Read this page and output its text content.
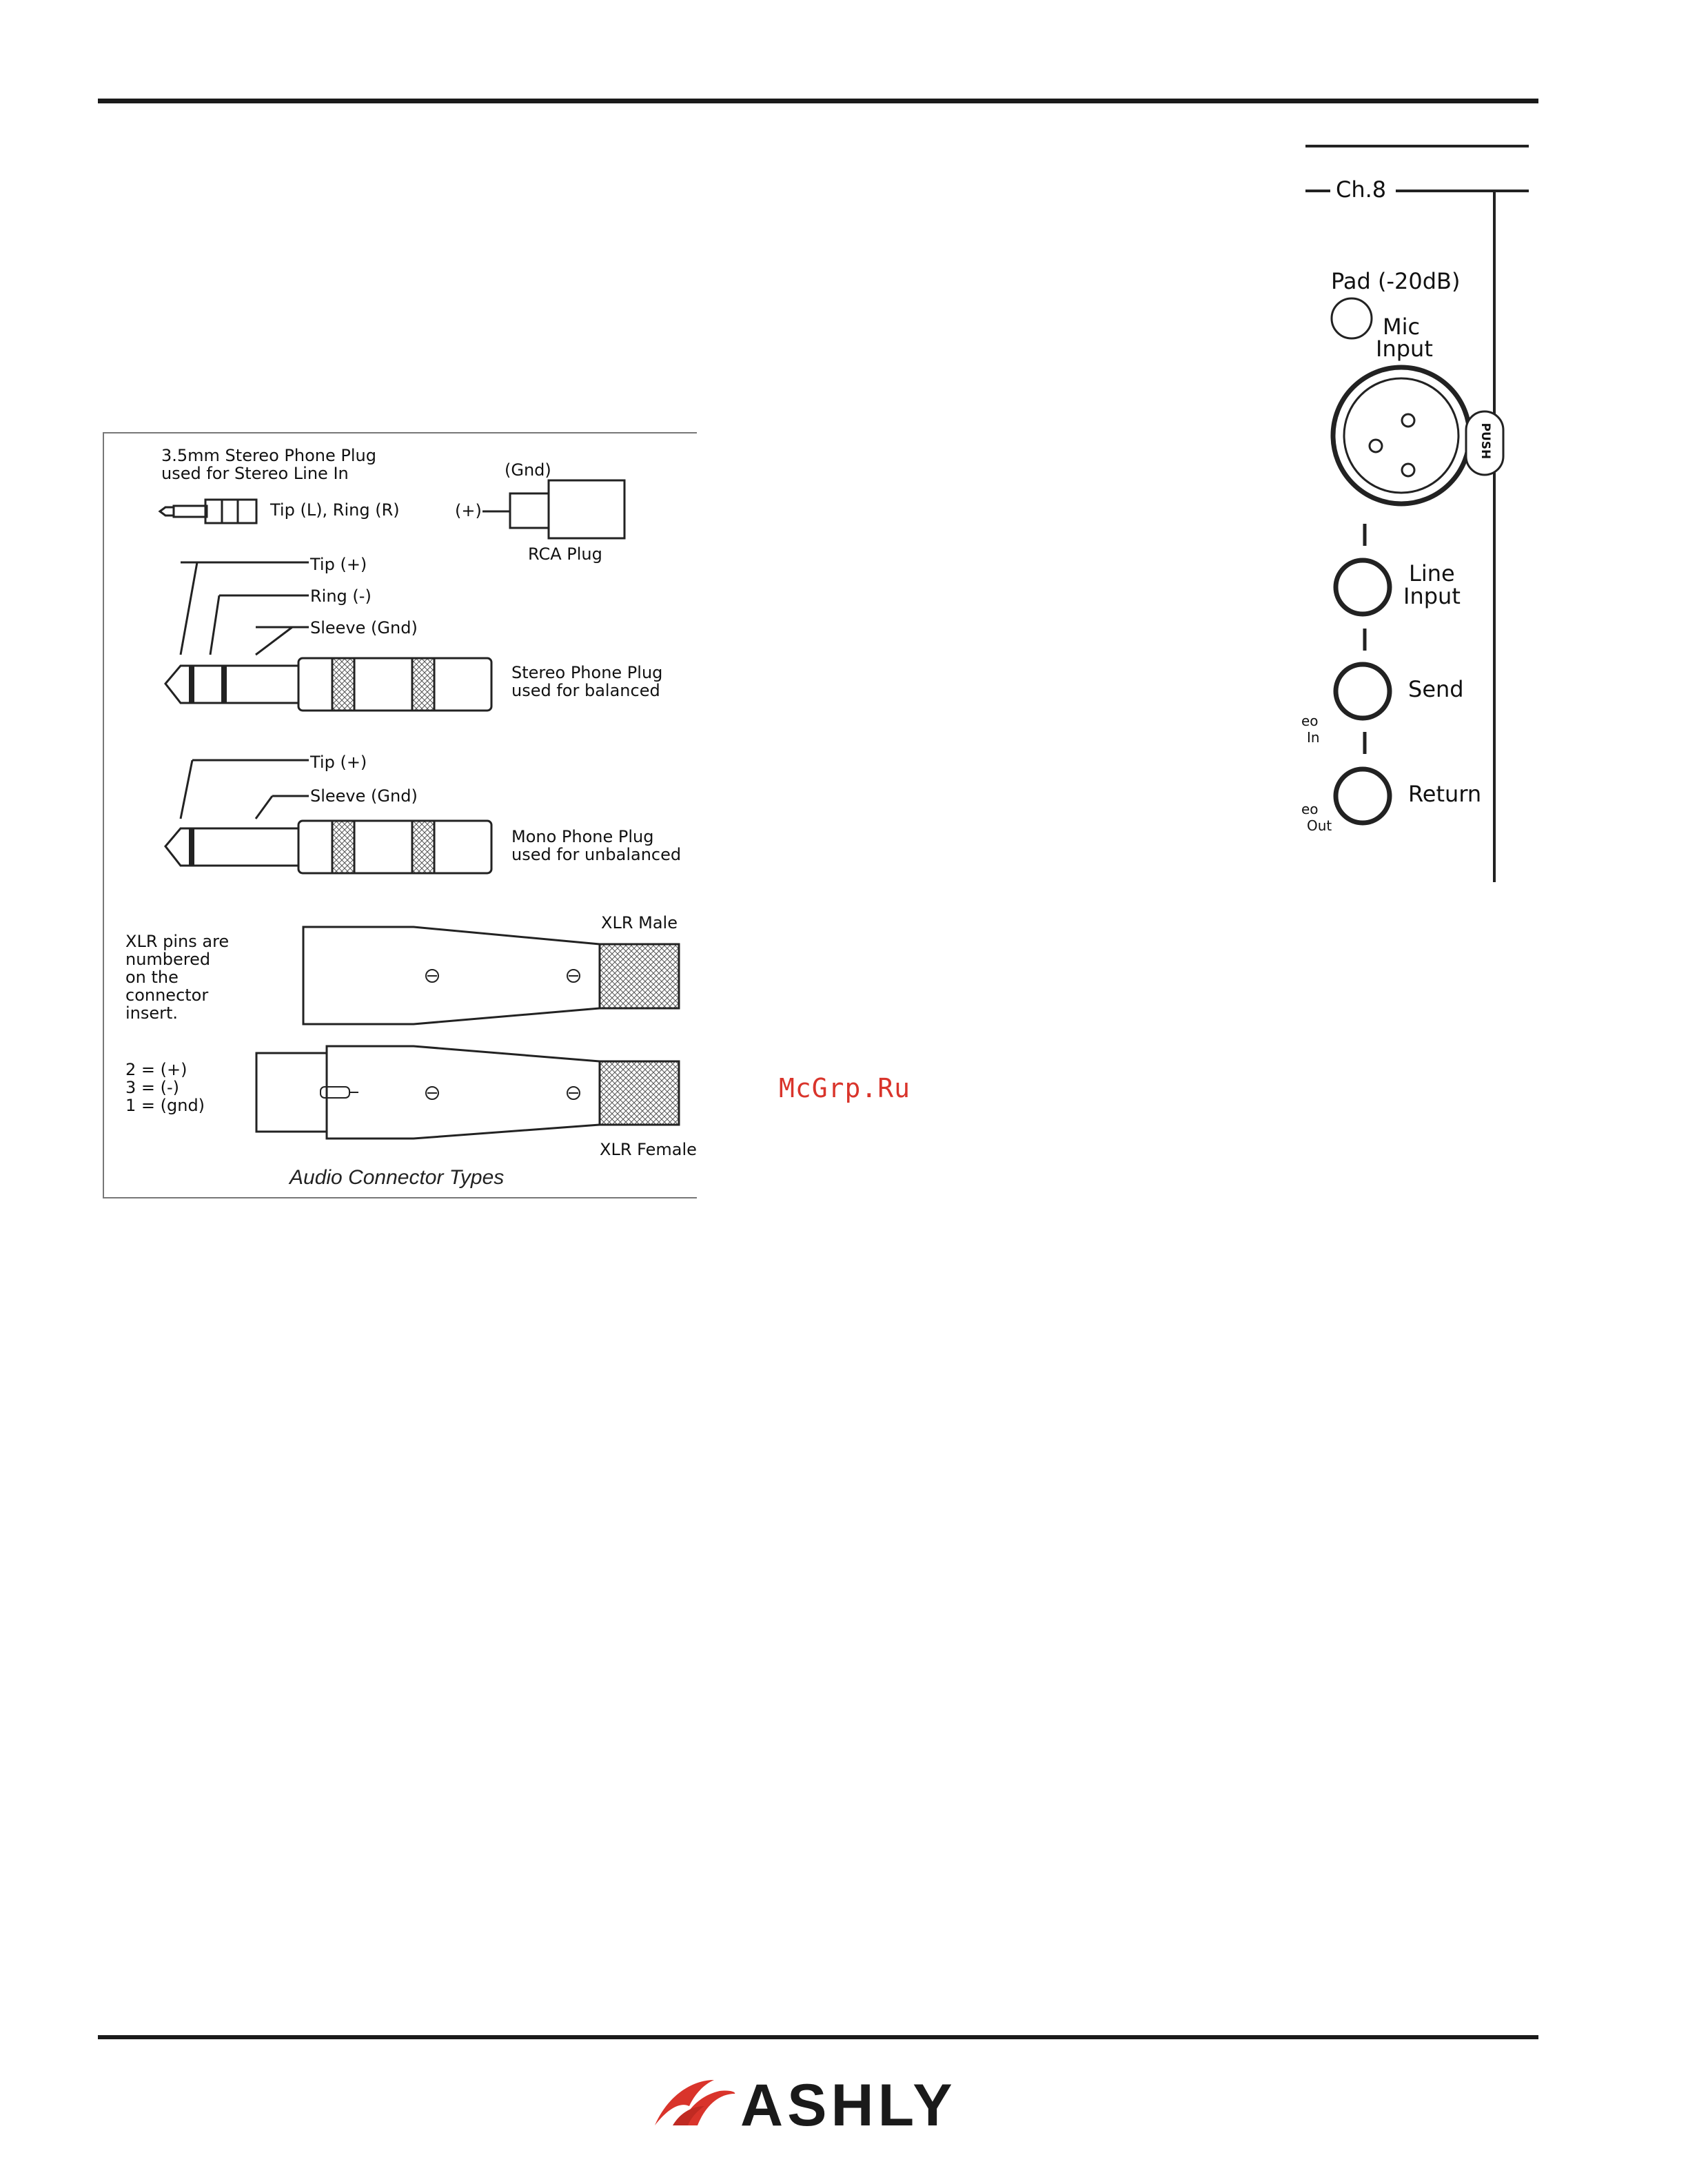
3.5mm Stereo Phone Plug
used for Stereo Line In
Tip (L), Ring (R)
(Gnd)
(+)
RCA Plug
Tip (+)
Ring (-)
Sleeve (Gnd)
Stereo Phone Plug
used for balanced
Tip (+)
Sleeve (Gnd)
Mono Phone Plug
used for unbalanced
XLR pins are
numbered
on the
connector
insert.
2 = (+)
3 = (-)
1 = (gnd)
XLR Male
XLR Female
Audio Connector Types
Ch.8
Pad (-20dB)
Mic
Input
PUSH
Line
Input
Send
Return
eo
In
eo
Out
McGrp.Ru
ASHLY
